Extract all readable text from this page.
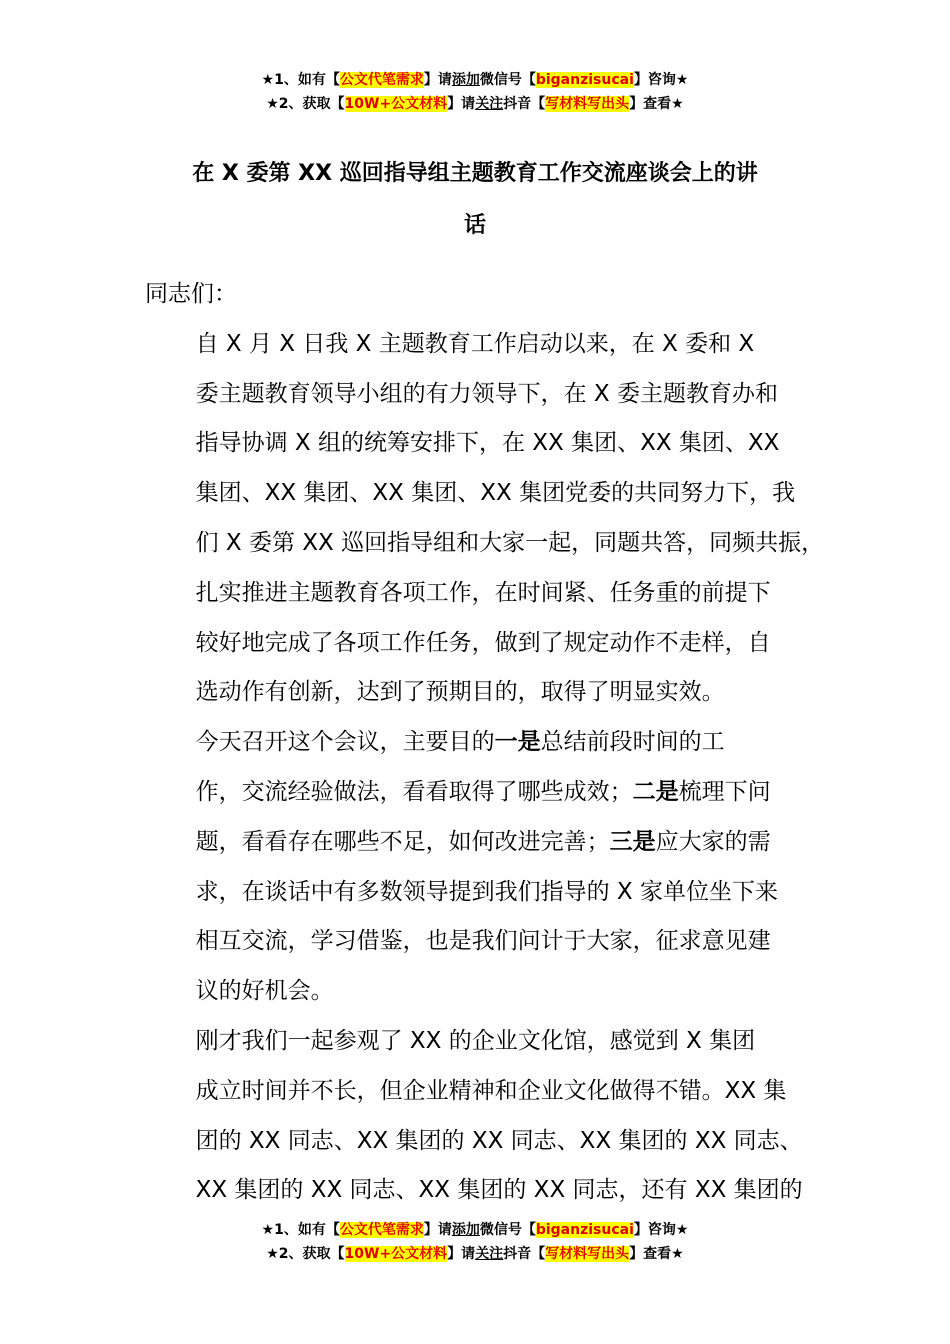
★1、如有【公文代笔需求】请添加微信号【biganzisucai】咨询★
★2、获取【10W+公文材料】请关注抖音【写材料写出头】查看★
在 X 委第 XX 巡回指导组主题教育工作交流座谈会上的讲
话

同志们：

自 X 月 X 日我 X 主题教育工作启动以来，在 X 委和 X
委主题教育领导小组的有力领导下，在 X 委主题教育办和
指导协调 X 组的统筹安排下，在 XX 集团、XX 集团、XX
集团、XX 集团、XX 集团、XX 集团党委的共同努力下，我
们 X 委第 XX 巡回指导组和大家一起，同题共答，同频共振，
扎实推进主题教育各项工作，在时间紧、任务重的前提下
较好地完成了各项工作任务，做到了规定动作不走样，自
选动作有创新，达到了预期目的，取得了明显实效。

今天召开这个会议，主要目的一是总结前段时间的工
作，交流经验做法，看看取得了哪些成效；二是梳理下问
题，看看存在哪些不足，如何改进完善；三是应大家的需
求，在谈话中有多数领导提到我们指导的 X 家单位坐下来
相互交流，学习借鉴，也是我们问计于大家，征求意见建
议的好机会。

刚才我们一起参观了 XX 的企业文化馆，感觉到 X 集团
成立时间并不长，但企业精神和企业文化做得不错。XX 集
团的 XX 同志、XX 集团的 XX 同志、XX 集团的 XX 同志、
XX 集团的 XX 同志、XX 集团的 XX 同志，还有 XX 集团的

★1、如有【公文代笔需求】请添加微信号【biganzisucai】咨询★
★2、获取【10W+公文材料】请关注抖音【写材料写出头】查看★
